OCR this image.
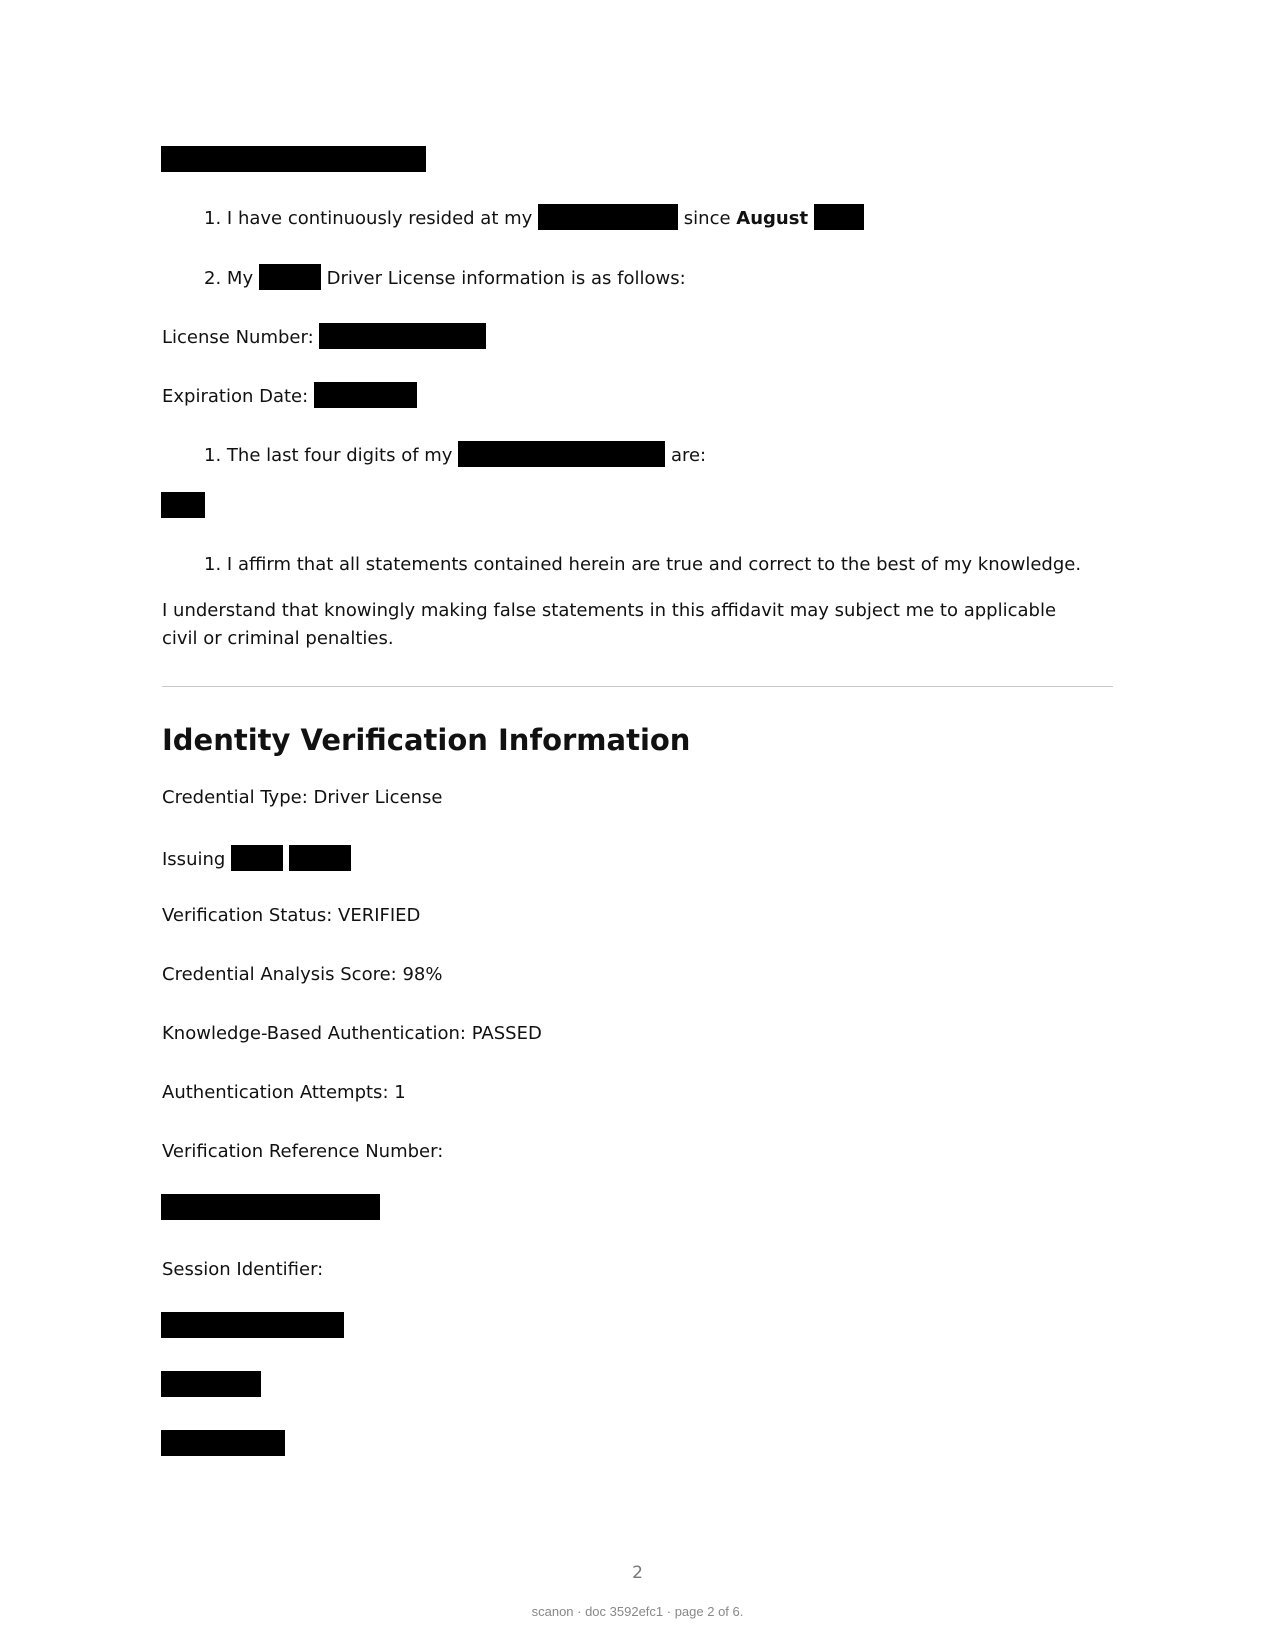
1. I have continuously resided at my	since August
2. My	Driver License information is as follows:
License Number:
Expiration Date:
1. The last four digits of my	are:
1. I affirm that all statements contained herein are true and correct to the best of my knowledge.
I understand that knowingly making false statements in this affidavit may subject me to applicable civil or criminal penalties.
Identity Verification Information
Credential Type: Driver License
Issuing
Verification Status: VERIFIED
Credential Analysis Score: 98%
Knowledge-Based Authentication: PASSED
Authentication Attempts: 1
Verification Reference Number:
Session Identifier:
2
scanon · doc 3592efc1 · page 2 of 6.
